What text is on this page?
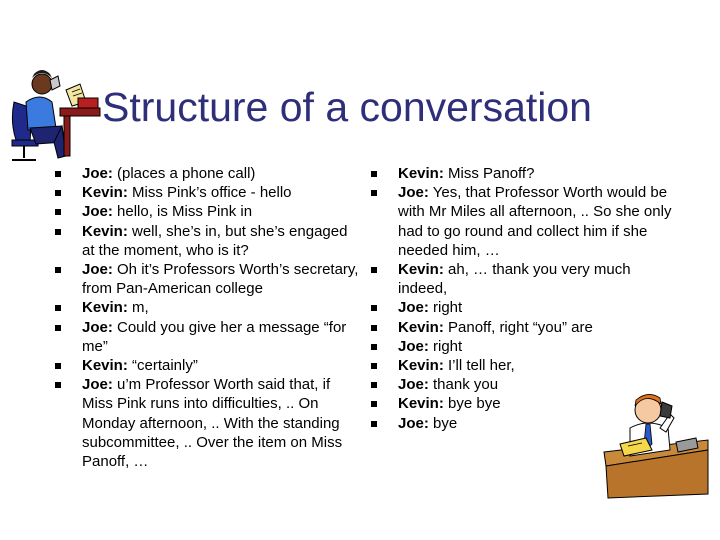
Structure of a conversation
Joe: (places a phone call)
Kevin: Miss Pink’s office - hello
Joe: hello, is Miss Pink in
Kevin: well, she’s in, but she’s engaged at the moment, who is it?
Joe: Oh it’s Professors Worth’s secretary, from Pan-American college
Kevin: m,
Joe: Could you give her a message “for me”
Kevin: “certainly”
Joe: u’m Professor Worth said that, if Miss Pink runs into difficulties, .. On Monday afternoon, .. With the standing subcommittee, .. Over the item on Miss Panoff, …
Kevin: Miss Panoff?
Joe: Yes, that Professor Worth would be with Mr Miles all afternoon, .. So she only had to go round and collect him if she needed him, …
Kevin: ah, … thank you very much indeed,
Joe: right
Kevin: Panoff, right “you” are
Joe: right
Kevin: I’ll tell her,
Joe: thank you
Kevin: bye bye
Joe: bye
